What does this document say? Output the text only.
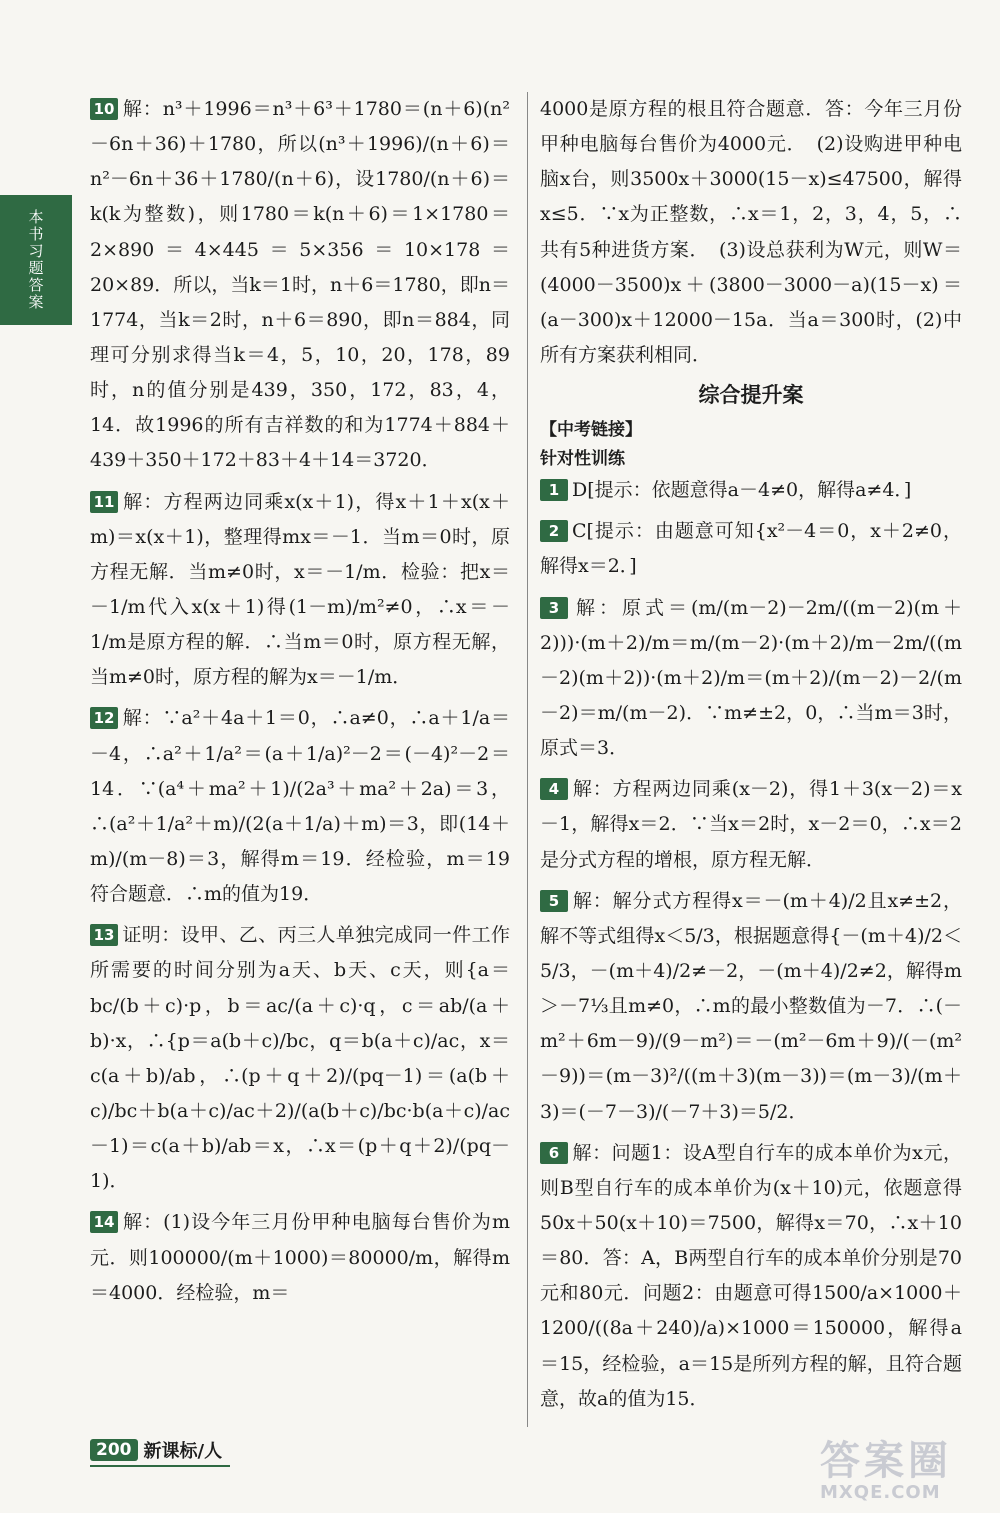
本书习题答案

10 解：n³＋1996＝n³＋6³＋1780＝(n＋6)(n²－6n＋36)＋1780，所以(n³＋1996)/(n＋6)＝n²－6n＋36＋1780/(n＋6)，设1780/(n＋6)＝k(k为整数)，则1780＝k(n＋6)＝1×1780＝2×890＝4×445＝5×356＝10×178＝20×89．所以，当k＝1时，n＋6＝1780，即n＝1774，当k＝2时，n＋6＝890，即n＝884，同理可分别求得当k＝4，5，10，20，178，89时，n的值分别是439，350，172，83，4，14．故1996的所有吉祥数的和为1774＋884＋439＋350＋172＋83＋4＋14＝3720．

11 解：方程两边同乘x(x＋1)，得x＋1＋x(x＋m)＝x(x＋1)，整理得mx＝－1．当m＝0时，原方程无解．当m≠0时，x＝－1/m．检验：把x＝－1/m代入x(x＋1)得(1－m)/m²≠0，∴x＝－1/m是原方程的解．∴当m＝0时，原方程无解，当m≠0时，原方程的解为x＝－1/m．

12 解：∵a²＋4a＋1＝0，∴a≠0，∴a＋1/a＝－4，∴a²＋1/a²＝(a＋1/a)²－2＝(－4)²－2＝14．∵(a⁴＋ma²＋1)/(2a³＋ma²＋2a)＝3，∴(a²＋1/a²＋m)/(2(a＋1/a)＋m)＝3，即(14＋m)/(m－8)＝3，解得m＝19．经检验，m＝19符合题意．∴m的值为19．

13 证明：设甲、乙、丙三人单独完成同一件工作所需要的时间分别为a天、b天、c天，则{a＝bc/(b＋c)·p，b＝ac/(a＋c)·q，c＝ab/(a＋b)·x，∴{p＝a(b＋c)/bc，q＝b(a＋c)/ac，x＝c(a＋b)/ab，∴(p＋q＋2)/(pq－1)＝(a(b＋c)/bc＋b(a＋c)/ac＋2)/(a(b＋c)/bc·b(a＋c)/ac－1)＝c(a＋b)/ab＝x，∴x＝(p＋q＋2)/(pq－1)．

14 解：(1)设今年三月份甲种电脑每台售价为m元．则100000/(m＋1000)＝80000/m，解得m＝4000．经检验，m＝

4000是原方程的根且符合题意．答：今年三月份甲种电脑每台售价为4000元．　(2)设购进甲种电脑x台，则3500x＋3000(15－x)≤47500，解得x≤5．∵x为正整数，∴x＝1，2，3，4，5，∴共有5种进货方案．　(3)设总获利为W元，则W＝(4000－3500)x＋(3800－3000－a)(15－x)＝(a－300)x＋12000－15a．当a＝300时，(2)中所有方案获利相同．

综合提升案
【中考链接】
针对性训练

1 D[提示：依题意得a－4≠0，解得a≠4．]

2 C[提示：由题意可知{x²－4＝0，x＋2≠0，解得x＝2．]

3 解：原式＝(m/(m－2)－2m/((m－2)(m＋2)))·(m＋2)/m＝m/(m－2)·(m＋2)/m－2m/((m－2)(m＋2))·(m＋2)/m＝(m＋2)/(m－2)－2/(m－2)＝m/(m－2)．∵m≠±2，0，∴当m＝3时，原式＝3．

4 解：方程两边同乘(x－2)，得1＋3(x－2)＝x－1，解得x＝2．∵当x＝2时，x－2＝0，∴x＝2是分式方程的增根，原方程无解．

5 解：解分式方程得x＝－(m＋4)/2且x≠±2，解不等式组得x＜5/3，根据题意得{－(m＋4)/2＜5/3，－(m＋4)/2≠－2，－(m＋4)/2≠2，解得m＞－7⅓且m≠0，∴m的最小整数值为－7．∴(－m²＋6m－9)/(9－m²)＝－(m²－6m＋9)/(－(m²－9))＝(m－3)²/((m＋3)(m－3))＝(m－3)/(m＋3)＝(－7－3)/(－7＋3)＝5/2．

6 解：问题1：设A型自行车的成本单价为x元，则B型自行车的成本单价为(x＋10)元，依题意得50x＋50(x＋10)＝7500，解得x＝70，∴x＋10＝80．答：A，B两型自行车的成本单价分别是70元和80元．问题2：由题意可得1500/a×1000＋1200/((8a＋240)/a)×1000＝150000，解得a＝15，经检验，a＝15是所列方程的解，且符合题意，故a的值为15．

200 新课标/人	答案圈
MXQE.COM
